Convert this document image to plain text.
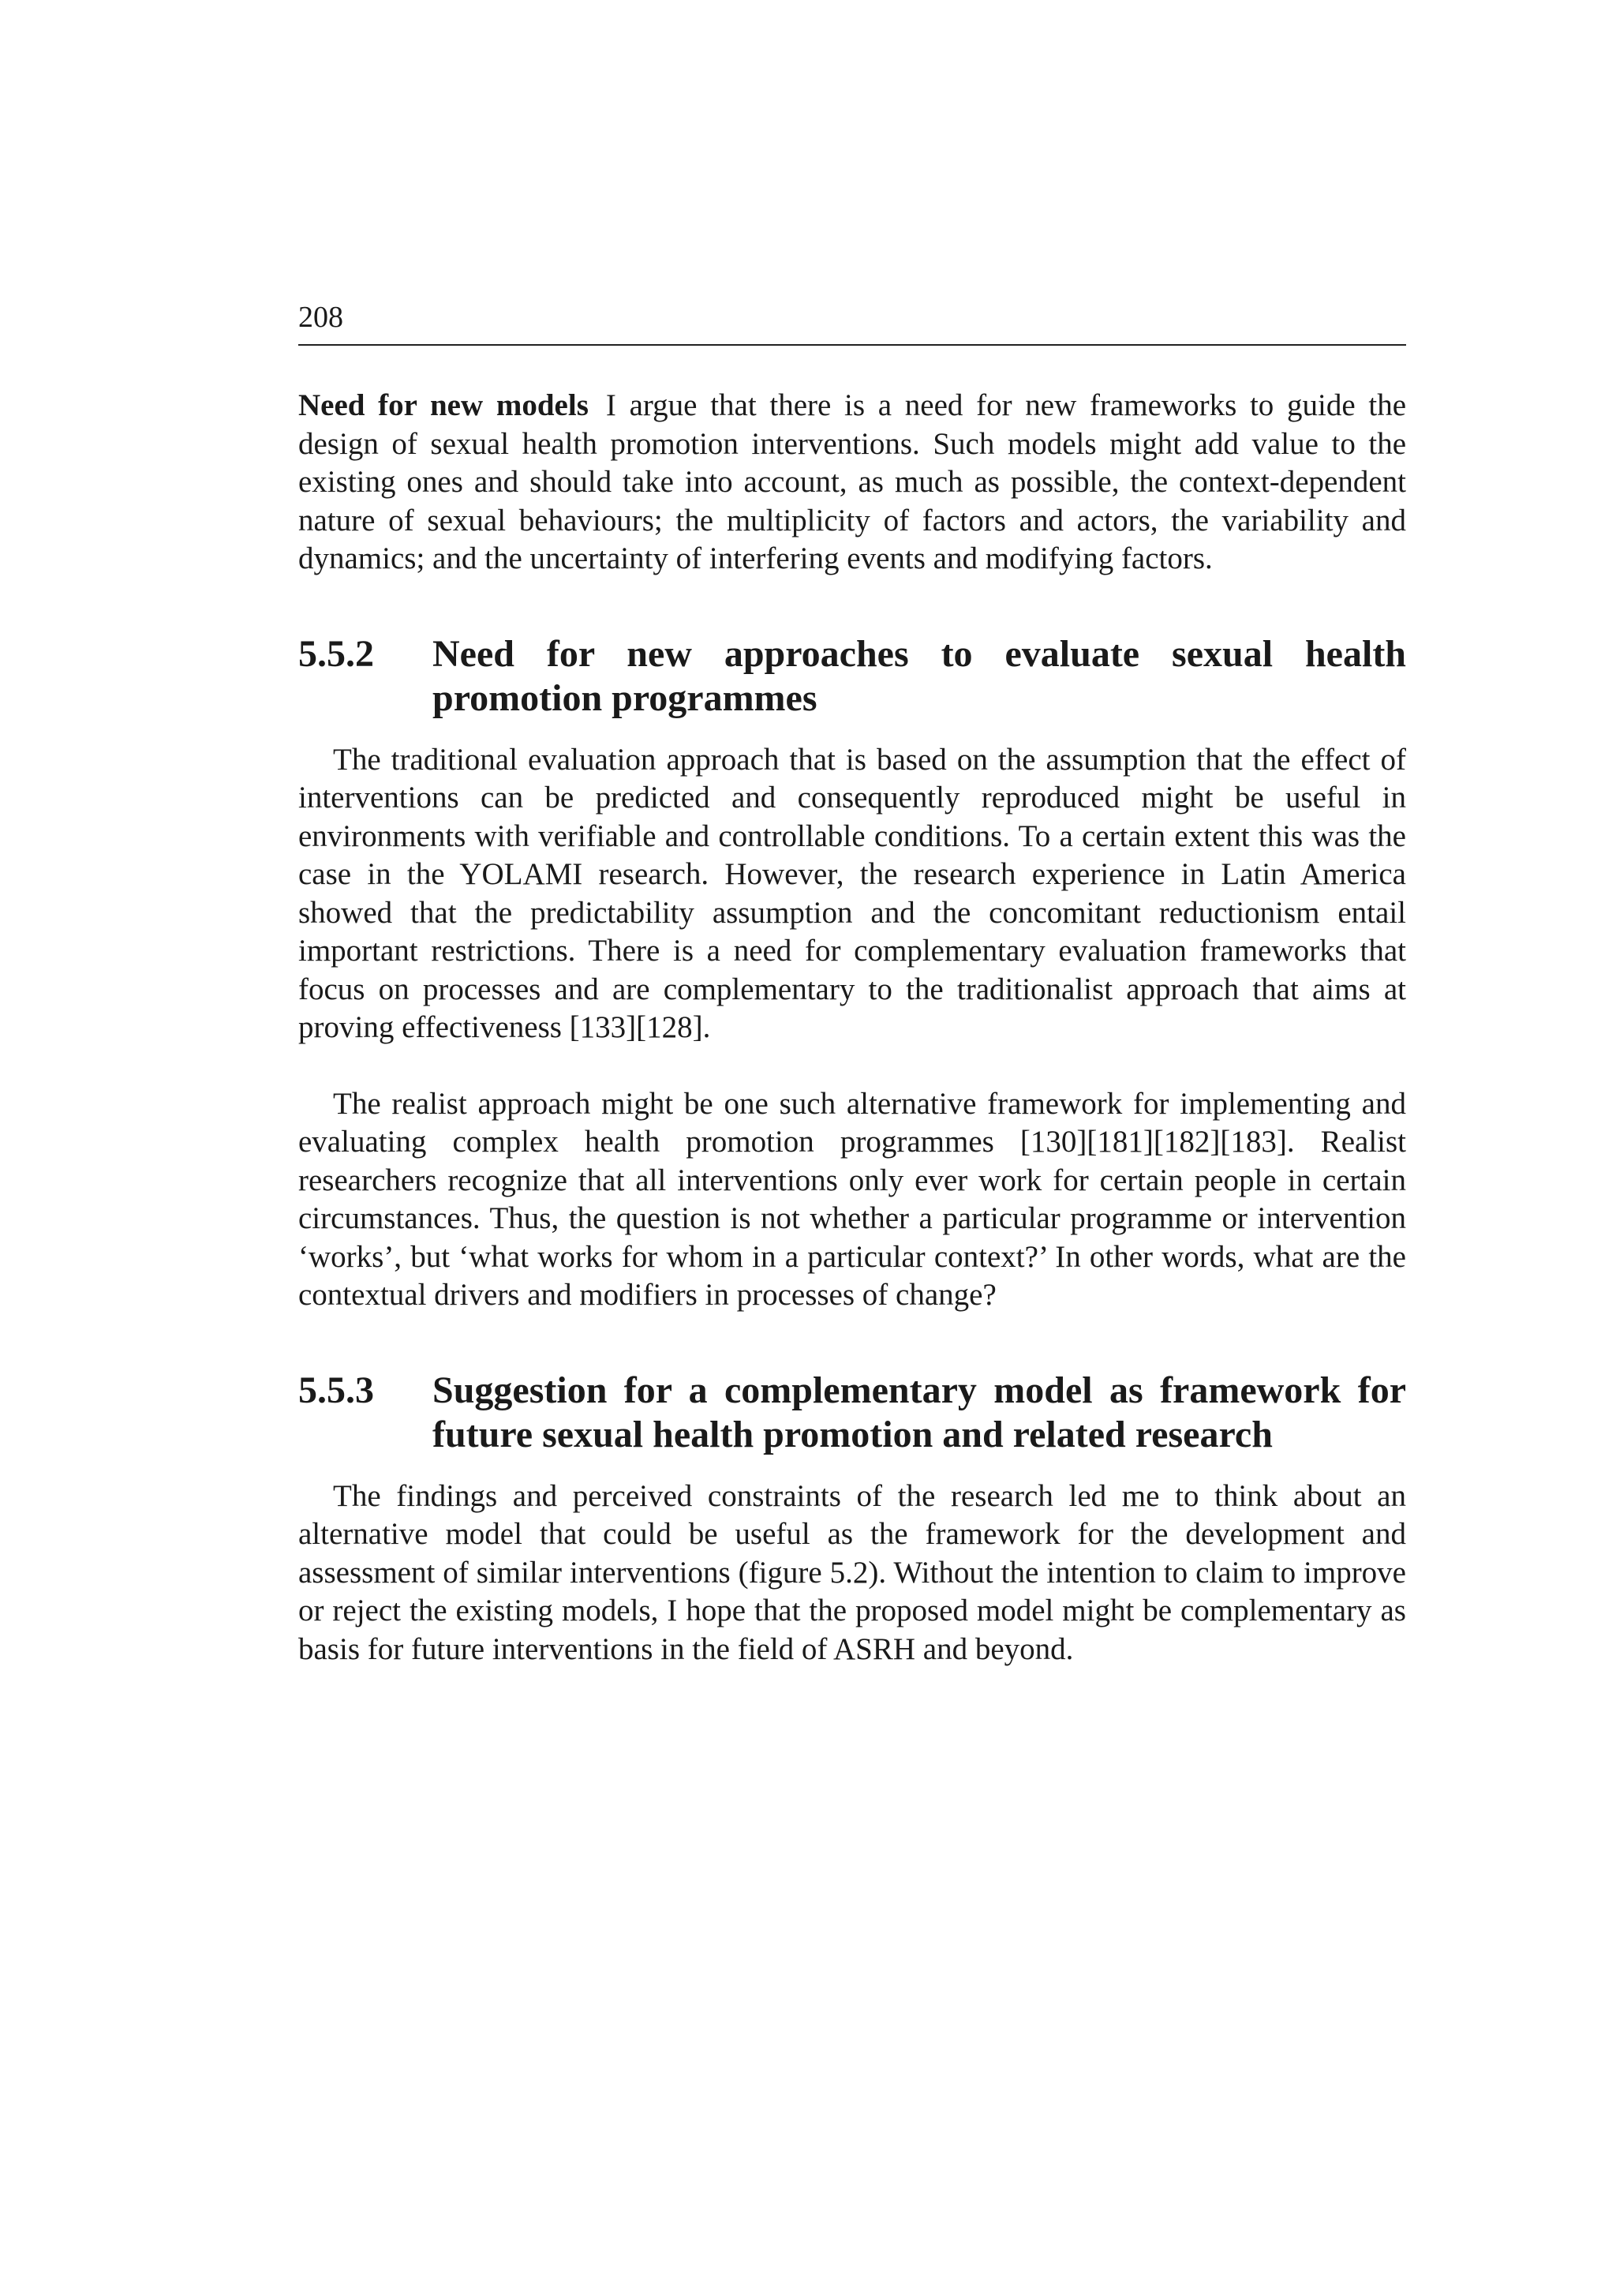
208

Need for new models I argue that there is a need for new frameworks to guide the design of sexual health promotion interventions. Such models might add value to the existing ones and should take into account, as much as possible, the context-dependent nature of sexual behaviours; the multiplicity of factors and actors, the variability and dynamics; and the uncertainty of interfering events and modifying factors.

5.5.2	Need for new approaches to evaluate sexual health promotion programmes

The traditional evaluation approach that is based on the assumption that the effect of interventions can be predicted and consequently reproduced might be useful in environments with verifiable and controllable conditions. To a certain extent this was the case in the YOLAMI research. However, the research experience in Latin America showed that the predictability assumption and the concomitant reductionism entail important restrictions. There is a need for complementary evaluation frameworks that focus on processes and are complementary to the traditionalist approach that aims at proving effectiveness [133][128].

The realist approach might be one such alternative framework for implementing and evaluating complex health promotion programmes [130][181][182][183]. Realist researchers recognize that all interventions only ever work for certain people in certain circumstances. Thus, the question is not whether a particular programme or intervention ‘works’, but ‘what works for whom in a particular context?’ In other words, what are the contextual drivers and modifiers in processes of change?

5.5.3	Suggestion for a complementary model as framework for future sexual health promotion and related research

The findings and perceived constraints of the research led me to think about an alternative model that could be useful as the framework for the development and assessment of similar interventions (figure 5.2). Without the intention to claim to improve or reject the existing models, I hope that the proposed model might be complementary as basis for future interventions in the field of ASRH and beyond.
